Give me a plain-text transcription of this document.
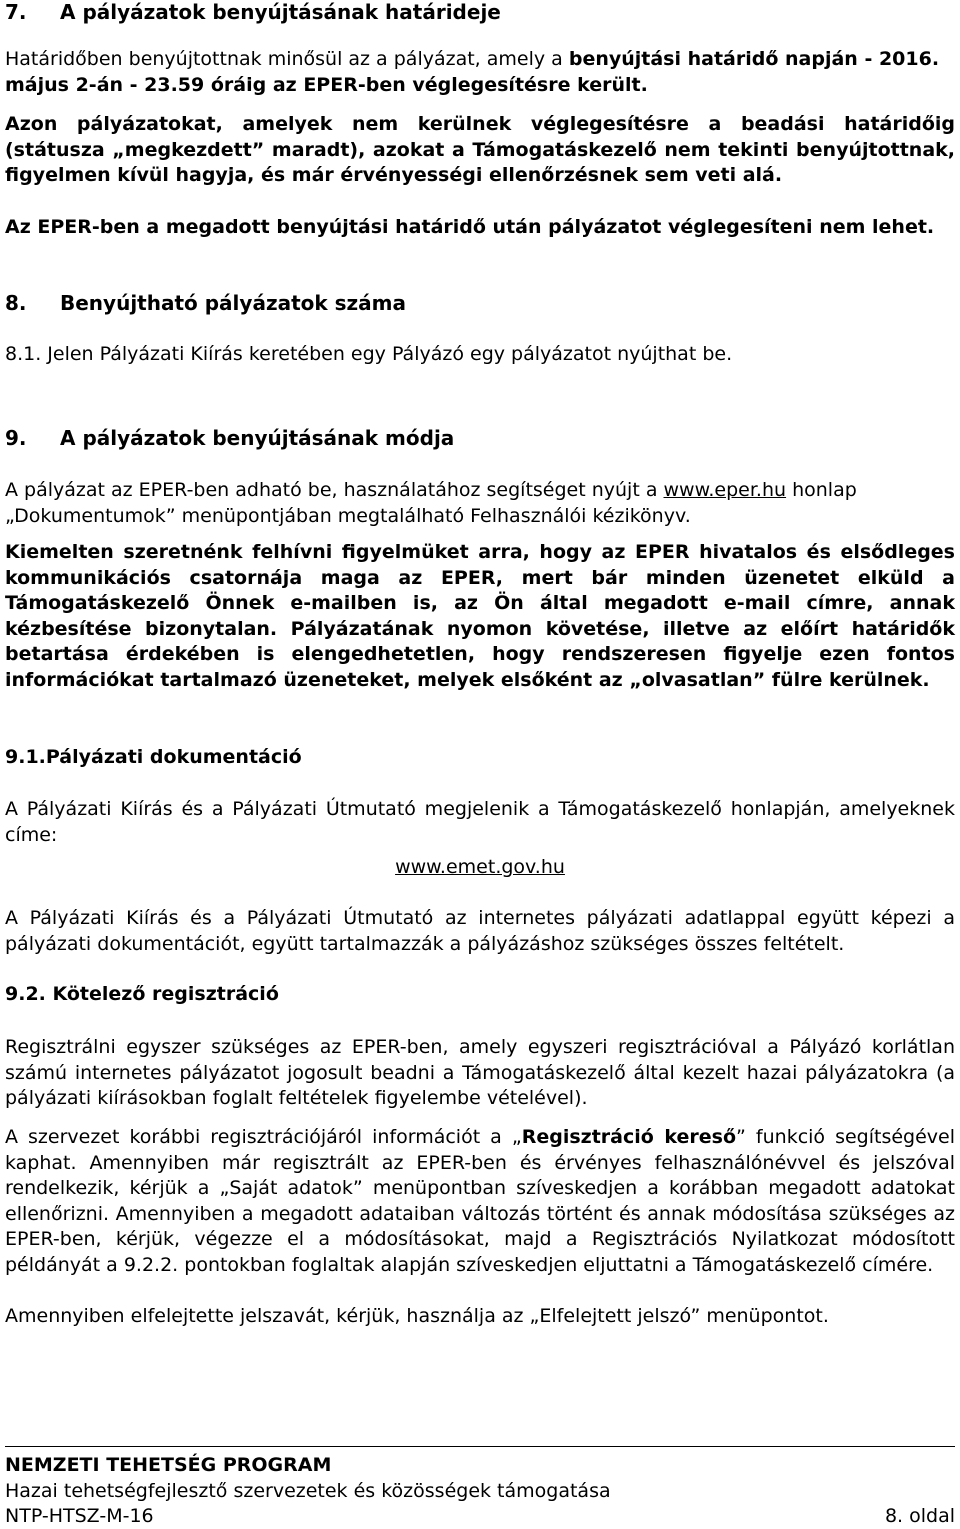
7. A pályázatok benyújtásának határideje

Határidőben benyújtottnak minősül az a pályázat, amely a benyújtási határidő napján - 2016. május 2-án - 23.59 óráig az EPER-ben véglegesítésre került.

Azon pályázatokat, amelyek nem kerülnek véglegesítésre a beadási határidőig (státusza „megkezdett” maradt), azokat a Támogatáskezelő nem tekinti benyújtottnak, figyelmen kívül hagyja, és már érvényességi ellenőrzésnek sem veti alá.

Az EPER-ben a megadott benyújtási határidő után pályázatot véglegesíteni nem lehet.

8. Benyújtható pályázatok száma

8.1. Jelen Pályázati Kiírás keretében egy Pályázó egy pályázatot nyújthat be.

9. A pályázatok benyújtásának módja

A pályázat az EPER-ben adható be, használatához segítséget nyújt a www.eper.hu honlap „Dokumentumok” menüpontjában megtalálható Felhasználói kézikönyv.

Kiemelten szeretnénk felhívni figyelmüket arra, hogy az EPER hivatalos és elsődleges kommunikációs csatornája maga az EPER, mert bár minden üzenetet elküld a Támogatáskezelő Önnek e-mailben is, az Ön által megadott e-mail címre, annak kézbesítése bizonytalan. Pályázatának nyomon követése, illetve az előírt határidők betartása érdekében is elengedhetetlen, hogy rendszeresen figyelje ezen fontos információkat tartalmazó üzeneteket, melyek elsőként az „olvasatlan” fülre kerülnek.

9.1.Pályázati dokumentáció

A Pályázati Kiírás és a Pályázati Útmutató megjelenik a Támogatáskezelő honlapján, amelyeknek címe:

www.emet.gov.hu

A Pályázati Kiírás és a Pályázati Útmutató az internetes pályázati adatlappal együtt képezi a pályázati dokumentációt, együtt tartalmazzák a pályázáshoz szükséges összes feltételt.

9.2. Kötelező regisztráció

Regisztrálni egyszer szükséges az EPER-ben, amely egyszeri regisztrációval a Pályázó korlátlan számú internetes pályázatot jogosult beadni a Támogatáskezelő által kezelt hazai pályázatokra (a pályázati kiírásokban foglalt feltételek figyelembe vételével).

A szervezet korábbi regisztrációjáról információt a „Regisztráció kereső” funkció segítségével kaphat. Amennyiben már regisztrált az EPER-ben és érvényes felhasználónévvel és jelszóval rendelkezik, kérjük a „Saját adatok” menüpontban szíveskedjen a korábban megadott adatokat ellenőrizni. Amennyiben a megadott adataiban változás történt és annak módosítása szükséges az EPER-ben, kérjük, végezze el a módosításokat, majd a Regisztrációs Nyilatkozat módosított példányát a 9.2.2. pontokban foglaltak alapján szíveskedjen eljuttatni a Támogatáskezelő címére.

Amennyiben elfelejtette jelszavát, kérjük, használja az „Elfelejtett jelszó” menüpontot.

NEMZETI TEHETSÉG PROGRAM
Hazai tehetségfejlesztő szervezetek és közösségek támogatása
NTP-HTSZ-M-16	8. oldal
